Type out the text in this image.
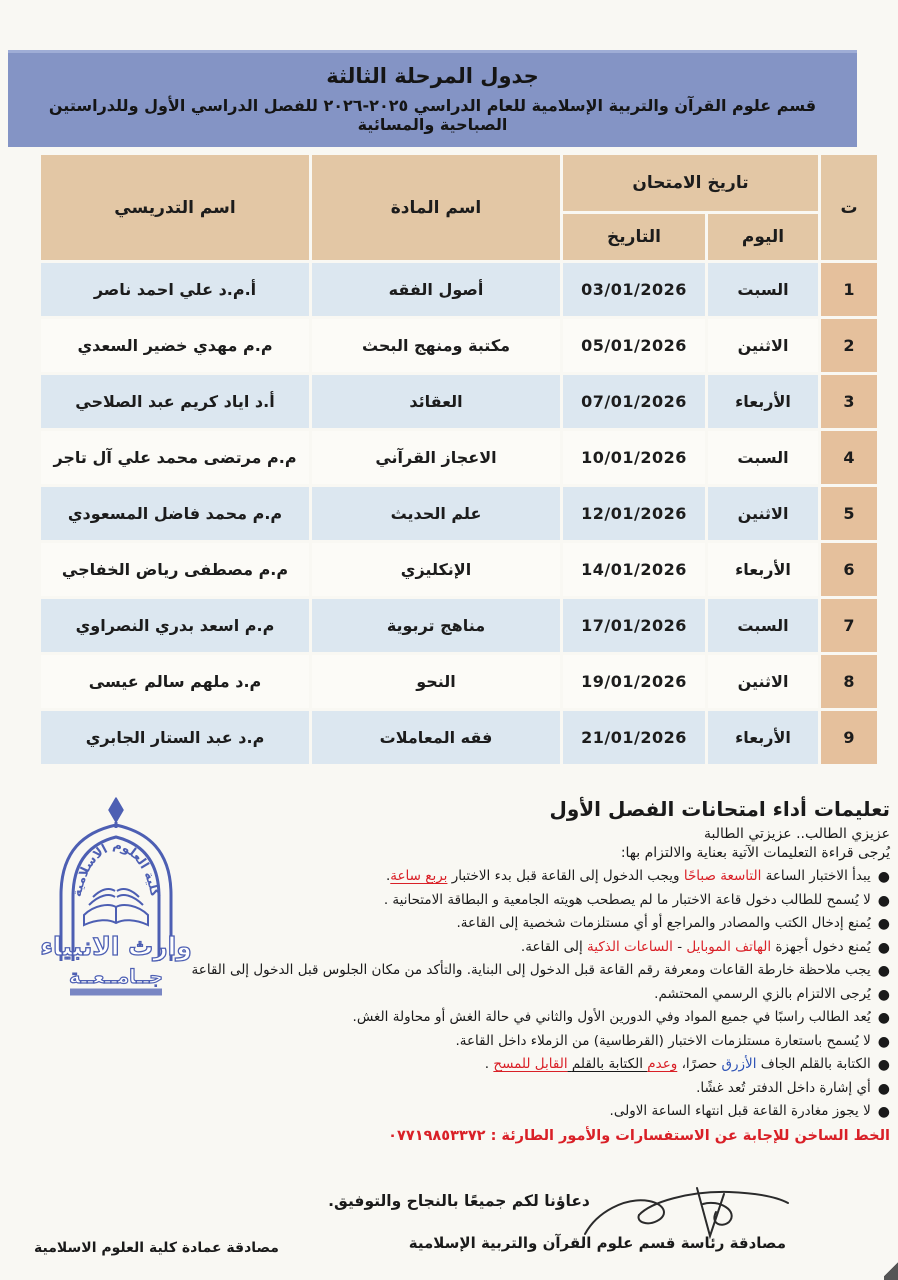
جدول المرحلة الثالثة
قسم علوم القرآن والتربية الإسلامية للعام الدراسي ٢٠٢٥-٢٠٢٦ للفصل الدراسي الأول وللدراستين الصباحية والمسائية
ت	تاريخ الامتحان		اسم المادة	اسم التدريسي
	اليوم	التاريخ		
1	السبت	03/01/2026	أصول الفقه	أ.م.د علي احمد ناصر
2	الاثنين	05/01/2026	مكتبة ومنهج البحث	م.م مهدي خضير السعدي
3	الأربعاء	07/01/2026	العقائد	أ.د اياد كريم عبد الصلاحي
4	السبت	10/01/2026	الاعجاز القرآني	م.م مرتضى محمد علي آل تاجر
5	الاثنين	12/01/2026	علم الحديث	م.م محمد فاضل المسعودي
6	الأربعاء	14/01/2026	الإنكليزي	م.م مصطفى رياض الخفاجي
7	السبت	17/01/2026	مناهج تربوية	م.م اسعد بدري النصراوي
8	الاثنين	19/01/2026	النحو	م.د ملهم سالم عيسى
9	الأربعاء	21/01/2026	فقه المعاملات	م.د عبد الستار الجابري
تعليمات أداء امتحانات الفصل الأول
عزيزي الطالب.. عزيزتي الطالبة
يُرجى قراءة التعليمات الآتية بعناية والالتزام بها:
●يبدأ الاختبار الساعة التاسعة صباحًا ويجب الدخول إلى القاعة قبل بدء الاختبار بربع ساعة.
●لا يُسمح للطالب دخول قاعة الاختبار ما لم يصطحب هويته الجامعية و البطاقة الامتحانية .
●يُمنع إدخال الكتب والمصادر والمراجع أو أي مستلزمات شخصية إلى القاعة.
●يُمنع دخول أجهزة الهاتف الموبايل - الساعات الذكية إلى القاعة.
●يجب ملاحظة خارطة القاعات ومعرفة رقم القاعة قبل الدخول إلى البناية. والتأكد من مكان الجلوس قبل الدخول إلى القاعة
●يُرجى الالتزام بالزي الرسمي المحتشم.
●يُعد الطالب راسبًا في جميع المواد وفي الدورين الأول والثاني في حالة الغش أو محاولة الغش.
●لا يُسمح باستعارة مستلزمات الاختبار (القرطاسية) من الزملاء داخل القاعة.
●الكتابة بالقلم الجاف الأزرق حصرًا، وعدم الكتابة بالقلم القابل للمسح .
●أي إشارة داخل الدفتر تُعد غشًا.
●لا يجوز مغادرة القاعة قبل انتهاء الساعة الاولى.
الخط الساخن للإجابة عن الاستفسارات والأمور الطارئة : ٠٧٧١٩٨٥٣٣٧٢
كلية العلوم الاسلامية
وارث الانبياء
جــامــعــة
دعاؤنا لكم جميعًا بالنجاح والتوفيق.
مصادقة رئاسة قسم علوم القرآن والتربية الإسلامية
مصادقة عمادة كلية العلوم الاسلامية
